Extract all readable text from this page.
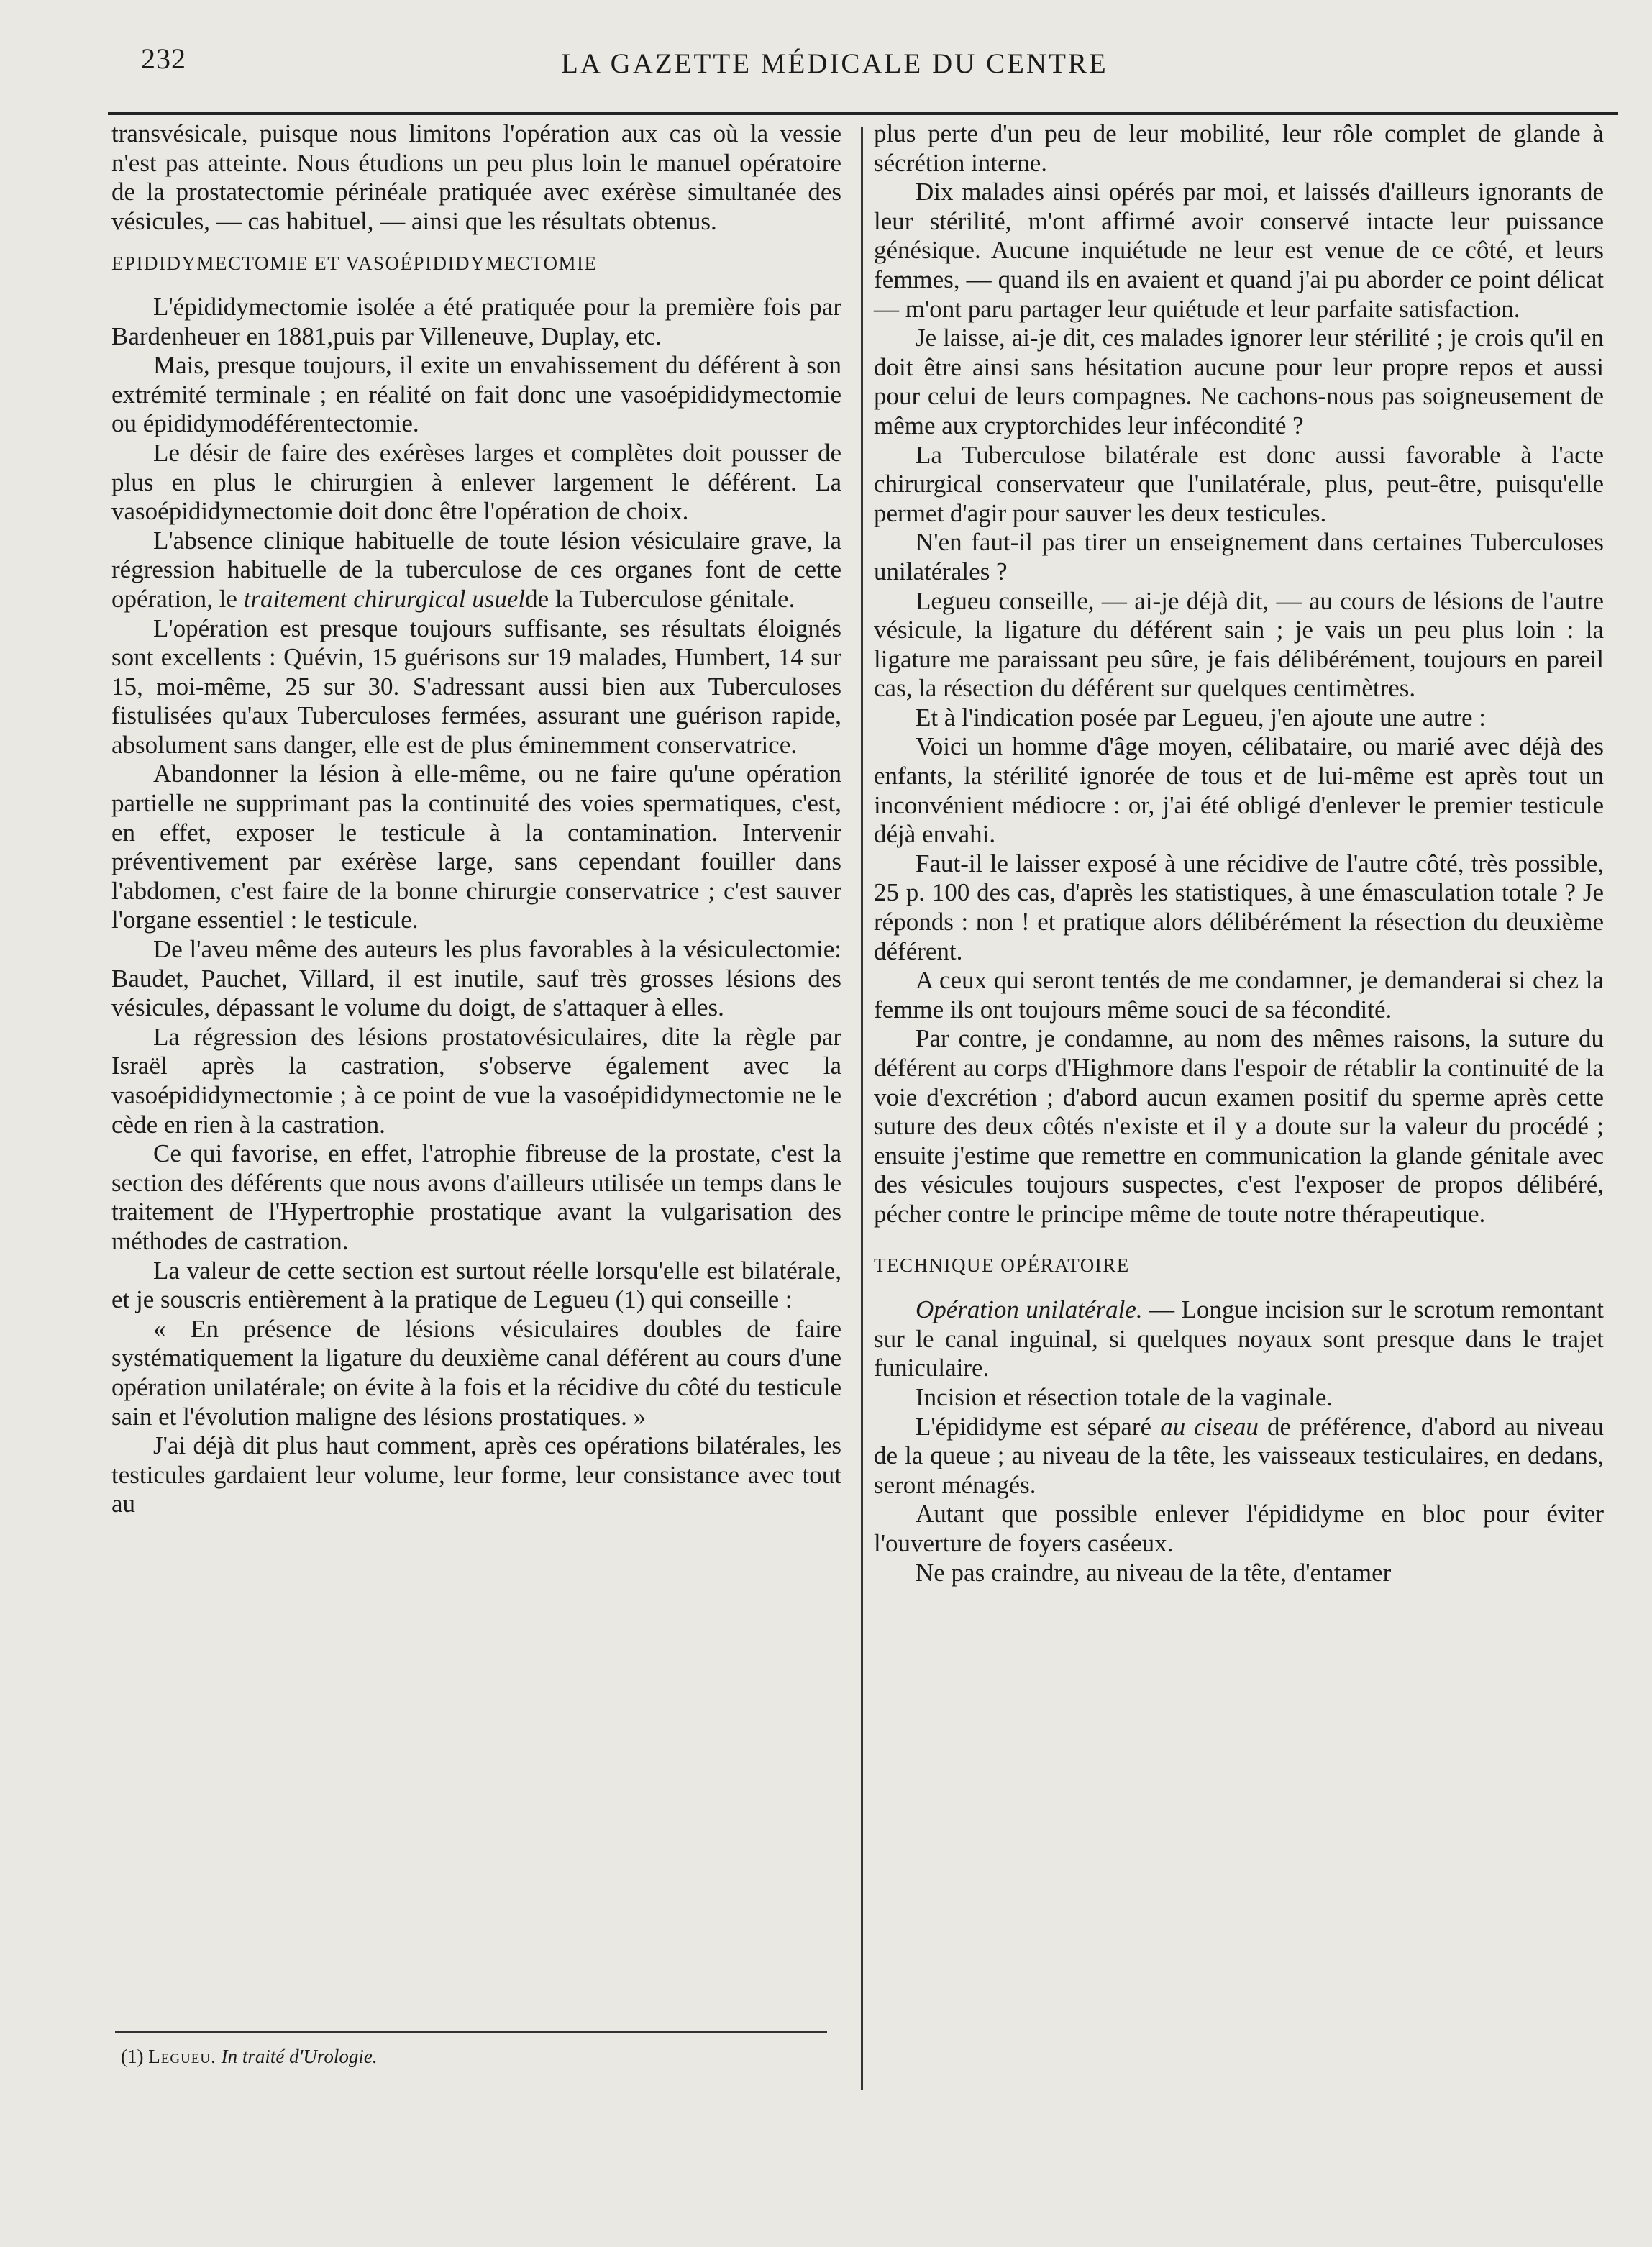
232	LA GAZETTE MÉDICALE DU CENTRE

transvésicale, puisque nous limitons l'opération aux cas où la vessie n'est pas atteinte. Nous étudions un peu plus loin le manuel opératoire de la prostatectomie périnéale pratiquée avec exérèse simultanée des vésicules, — cas habituel, — ainsi que les résultats obtenus.

EPIDIDYMECTOMIE ET VASOÉPIDIDYMECTOMIE

L'épididymectomie isolée a été pratiquée pour la première fois par Bardenheuer en 1881,puis par Villeneuve, Duplay, etc.

Mais, presque toujours, il exite un envahissement du déférent à son extrémité terminale ; en réalité on fait donc une vasoépididymectomie ou épididymodéférentectomie.

Le désir de faire des exérèses larges et complètes doit pousser de plus en plus le chirurgien à enlever largement le déférent. La vasoépididymectomie doit donc être l'opération de choix.

L'absence clinique habituelle de toute lésion vésiculaire grave, la régression habituelle de la tuberculose de ces organes font de cette opération, le traitement chirurgical usuelde la Tuberculose génitale.

L'opération est presque toujours suffisante, ses résultats éloignés sont excellents : Quévin, 15 guérisons sur 19 malades, Humbert, 14 sur 15, moi-même, 25 sur 30. S'adressant aussi bien aux Tuberculoses fistulisées qu'aux Tuberculoses fermées, assurant une guérison rapide, absolument sans danger, elle est de plus éminemment conservatrice.

Abandonner la lésion à elle-même, ou ne faire qu'une opération partielle ne supprimant pas la continuité des voies spermatiques, c'est, en effet, exposer le testicule à la contamination. Intervenir préventivement par exérèse large, sans cependant fouiller dans l'abdomen, c'est faire de la bonne chirurgie conservatrice ; c'est sauver l'organe essentiel : le testicule.

De l'aveu même des auteurs les plus favorables à la vésiculectomie: Baudet, Pauchet, Villard, il est inutile, sauf très grosses lésions des vésicules, dépassant le volume du doigt, de s'attaquer à elles.

La régression des lésions prostatovésiculaires, dite la règle par Israël après la castration, s'observe également avec la vasoépididymectomie ; à ce point de vue la vasoépididymectomie ne le cède en rien à la castration.

Ce qui favorise, en effet, l'atrophie fibreuse de la prostate, c'est la section des déférents que nous avons d'ailleurs utilisée un temps dans le traitement de l'Hypertrophie prostatique avant la vulgarisation des méthodes de castration.

La valeur de cette section est surtout réelle lorsqu'elle est bilatérale, et je souscris entièrement à la pratique de Legueu (1) qui conseille :

« En présence de lésions vésiculaires doubles de faire systématiquement la ligature du deuxième canal déférent au cours d'une opération unilatérale; on évite à la fois et la récidive du côté du testicule sain et l'évolution maligne des lésions prostatiques. »

J'ai déjà dit plus haut comment, après ces opérations bilatérales, les testicules gardaient leur volume, leur forme, leur consistance avec tout au

(1) Legueu. In traité d'Urologie.

plus perte d'un peu de leur mobilité, leur rôle complet de glande à sécrétion interne.

Dix malades ainsi opérés par moi, et laissés d'ailleurs ignorants de leur stérilité, m'ont affirmé avoir conservé intacte leur puissance génésique. Aucune inquiétude ne leur est venue de ce côté, et leurs femmes, — quand ils en avaient et quand j'ai pu aborder ce point délicat — m'ont paru partager leur quiétude et leur parfaite satisfaction.

Je laisse, ai-je dit, ces malades ignorer leur stérilité ; je crois qu'il en doit être ainsi sans hésitation aucune pour leur propre repos et aussi pour celui de leurs compagnes. Ne cachons-nous pas soigneusement de même aux cryptorchides leur infécondité ?

La Tuberculose bilatérale est donc aussi favorable à l'acte chirurgical conservateur que l'unilatérale, plus, peut-être, puisqu'elle permet d'agir pour sauver les deux testicules.

N'en faut-il pas tirer un enseignement dans certaines Tuberculoses unilatérales ?

Legueu conseille, — ai-je déjà dit, — au cours de lésions de l'autre vésicule, la ligature du déférent sain ; je vais un peu plus loin : la ligature me paraissant peu sûre, je fais délibérément, toujours en pareil cas, la résection du déférent sur quelques centimètres.

Et à l'indication posée par Legueu, j'en ajoute une autre :

Voici un homme d'âge moyen, célibataire, ou marié avec déjà des enfants, la stérilité ignorée de tous et de lui-même est après tout un inconvénient médiocre : or, j'ai été obligé d'enlever le premier testicule déjà envahi.

Faut-il le laisser exposé à une récidive de l'autre côté, très possible, 25 p. 100 des cas, d'après les statistiques, à une émasculation totale ? Je réponds : non ! et pratique alors délibérément la résection du deuxième déférent.

A ceux qui seront tentés de me condamner, je demanderai si chez la femme ils ont toujours même souci de sa fécondité.

Par contre, je condamne, au nom des mêmes raisons, la suture du déférent au corps d'Highmore dans l'espoir de rétablir la continuité de la voie d'excrétion ; d'abord aucun examen positif du sperme après cette suture des deux côtés n'existe et il y a doute sur la valeur du procédé ; ensuite j'estime que remettre en communication la glande génitale avec des vésicules toujours suspectes, c'est l'exposer de propos délibéré, pécher contre le principe même de toute notre thérapeutique.

TECHNIQUE OPÉRATOIRE

Opération unilatérale. — Longue incision sur le scrotum remontant sur le canal inguinal, si quelques noyaux sont presque dans le trajet funiculaire.

Incision et résection totale de la vaginale.

L'épididyme est séparé au ciseau de préférence, d'abord au niveau de la queue ; au niveau de la tête, les vaisseaux testiculaires, en dedans, seront ménagés.

Autant que possible enlever l'épididyme en bloc pour éviter l'ouverture de foyers caséeux.

Ne pas craindre, au niveau de la tête, d'entamer
